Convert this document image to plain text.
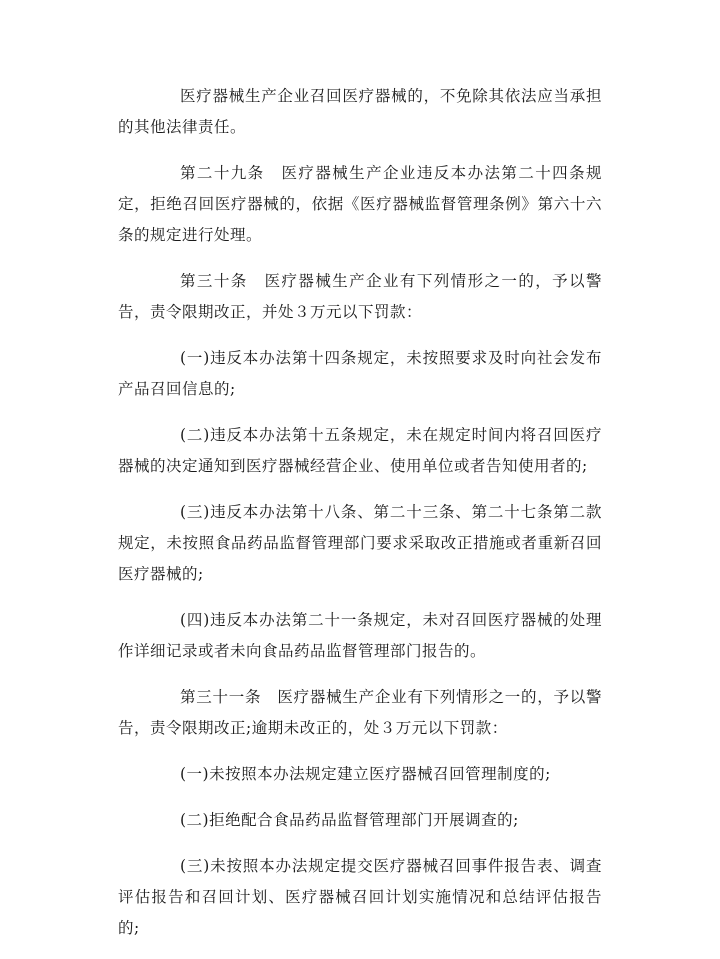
医疗器械生产企业召回医疗器械的，不免除其依法应当承担的其他法律责任。

第二十九条　医疗器械生产企业违反本办法第二十四条规定，拒绝召回医疗器械的，依据《医疗器械监督管理条例》第六十六条的规定进行处理。

第三十条　医疗器械生产企业有下列情形之一的，予以警告，责令限期改正，并处３万元以下罚款：

(一)违反本办法第十四条规定，未按照要求及时向社会发布产品召回信息的;

(二)违反本办法第十五条规定，未在规定时间内将召回医疗器械的决定通知到医疗器械经营企业、使用单位或者告知使用者的;

(三)违反本办法第十八条、第二十三条、第二十七条第二款规定，未按照食品药品监督管理部门要求采取改正措施或者重新召回医疗器械的;

(四)违反本办法第二十一条规定，未对召回医疗器械的处理作详细记录或者未向食品药品监督管理部门报告的。

第三十一条　医疗器械生产企业有下列情形之一的，予以警告，责令限期改正;逾期未改正的，处３万元以下罚款：

(一)未按照本办法规定建立医疗器械召回管理制度的;

(二)拒绝配合食品药品监督管理部门开展调查的;

(三)未按照本办法规定提交医疗器械召回事件报告表、调查评估报告和召回计划、医疗器械召回计划实施情况和总结评估报告的;
